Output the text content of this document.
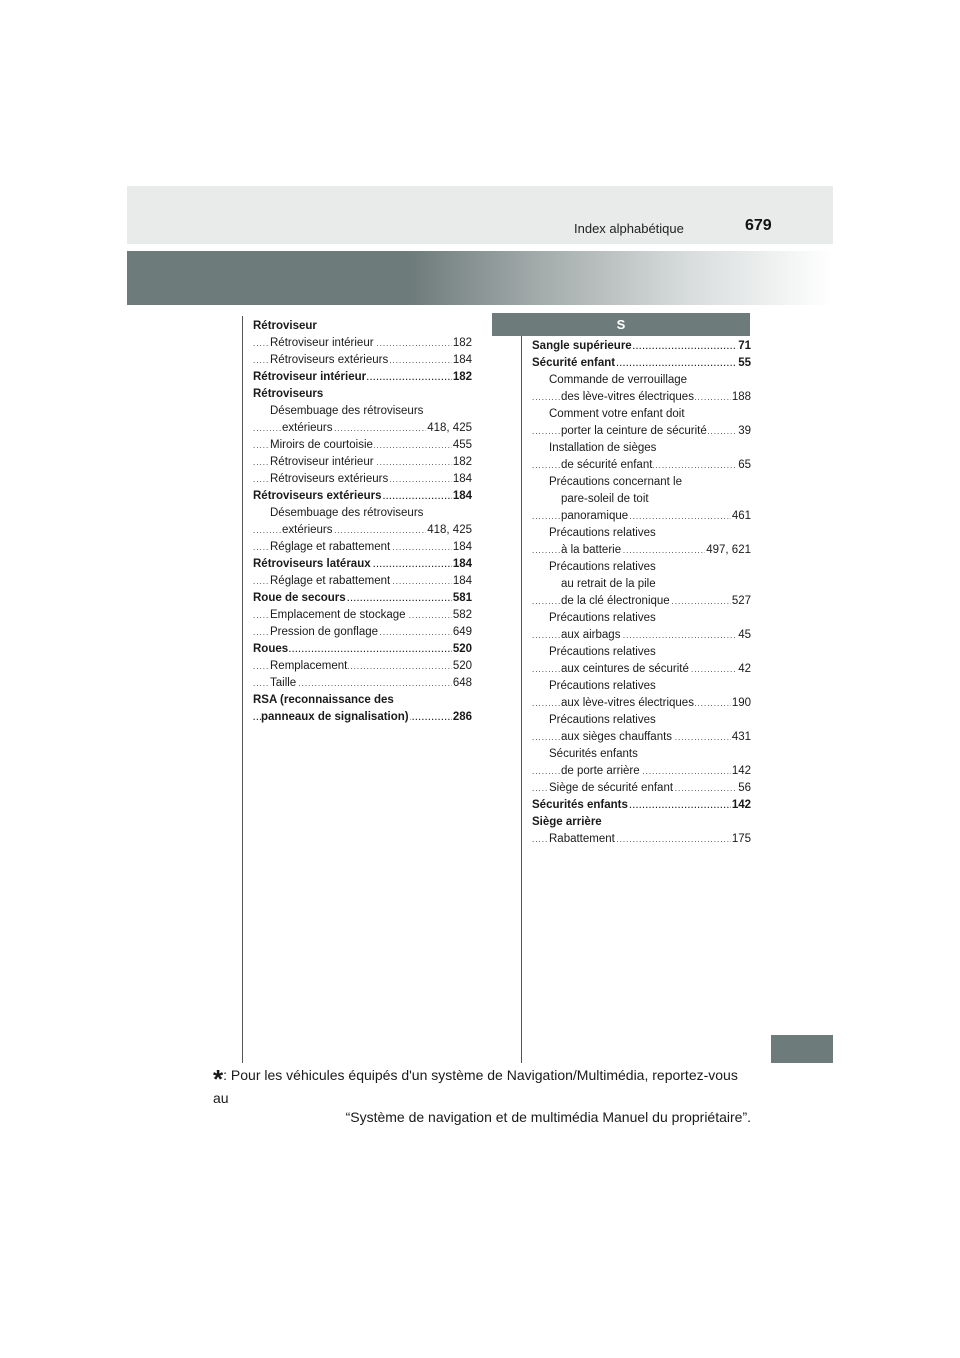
Index alphabétique	679
S
Rétroviseur
. . . Rétroviseur intérieur	182
. . . Rétroviseurs extérieurs	184
. . . Rétroviseur intérieur	182
Rétroviseurs
Désembuage des rétroviseurs
. . . extérieurs	418, 425
. . . Miroirs de courtoisie	455
. . . Rétroviseur intérieur	182
. . . Rétroviseurs extérieurs	184
. . . Rétroviseurs extérieurs	184
Désembuage des rétroviseurs
. . . extérieurs	418, 425
. . . Réglage et rabattement	184
. . . Rétroviseurs latéraux	184
. . . Réglage et rabattement	184
. . . Roue de secours	581
. . . Emplacement de stockage	582
. . . Pression de gonflage	649
. . . Roues	520
. . . Remplacement	520
. . . Taille	648
RSA (reconnaissance des
. . . panneaux de signalisation)	286
. . . Sangle supérieure	71
. . . Sécurité enfant	55
Commande de verrouillage
. . . des lève-vitres électriques	188
Comment votre enfant doit
. . . porter la ceinture de sécurité	39
Installation de sièges
. . . de sécurité enfant	65
Précautions concernant le
pare-soleil de toit
. . . panoramique	461
Précautions relatives
. . . à la batterie	497, 621
Précautions relatives
au retrait de la pile
. . . de la clé électronique	527
Précautions relatives
. . . aux airbags	45
Précautions relatives
. . . aux ceintures de sécurité	42
Précautions relatives
. . . aux lève-vitres électriques	190
Précautions relatives
. . . aux sièges chauffants	431
Sécurités enfants
. . . de porte arrière	142
. . . Siège de sécurité enfant	56
. . . Sécurités enfants	142
Siège arrière
. . . Rabattement	175
*: Pour les véhicules équipés d'un système de Navigation/Multimédia, reportez-vous au
“Système de navigation et de multimédia Manuel du propriétaire”.
